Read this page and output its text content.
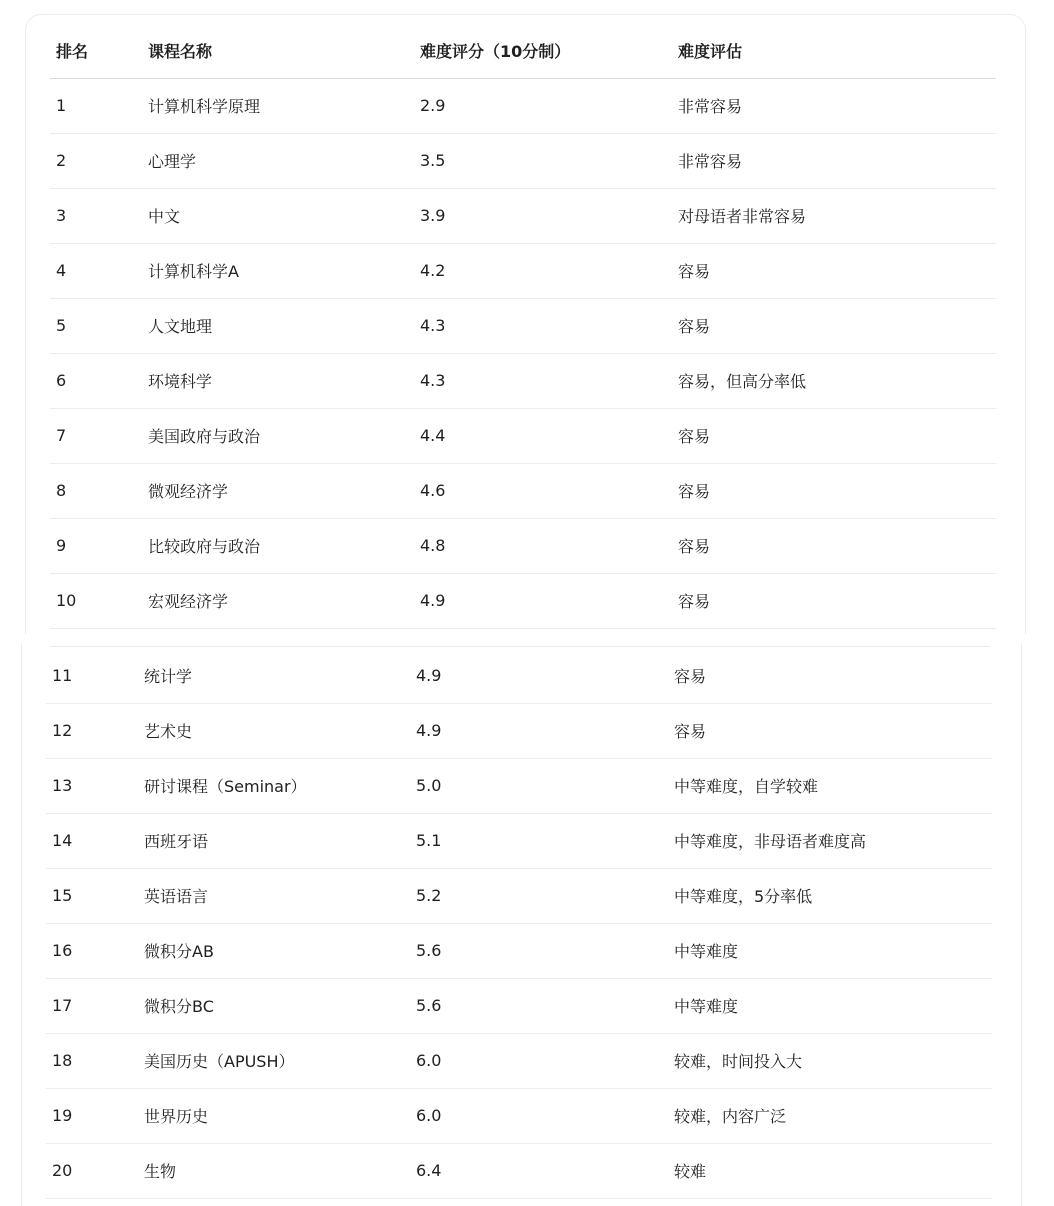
排名	课程名称	难度评分（10分制）	难度评估
1	计算机科学原理	2.9	非常容易
2	心理学	3.5	非常容易
3	中文	3.9	对母语者非常容易
4	计算机科学A	4.2	容易
5	人文地理	4.3	容易
6	环境科学	4.3	容易，但高分率低
7	美国政府与政治	4.4	容易
8	微观经济学	4.6	容易
9	比较政府与政治	4.8	容易
10	宏观经济学	4.9	容易
11	统计学	4.9	容易
12	艺术史	4.9	容易
13	研讨课程（Seminar）	5.0	中等难度，自学较难
14	西班牙语	5.1	中等难度，非母语者难度高
15	英语语言	5.2	中等难度，5分率低
16	微积分AB	5.6	中等难度
17	微积分BC	5.6	中等难度
18	美国历史（APUSH）	6.0	较难，时间投入大
19	世界历史	6.0	较难，内容广泛
20	生物	6.4	较难
